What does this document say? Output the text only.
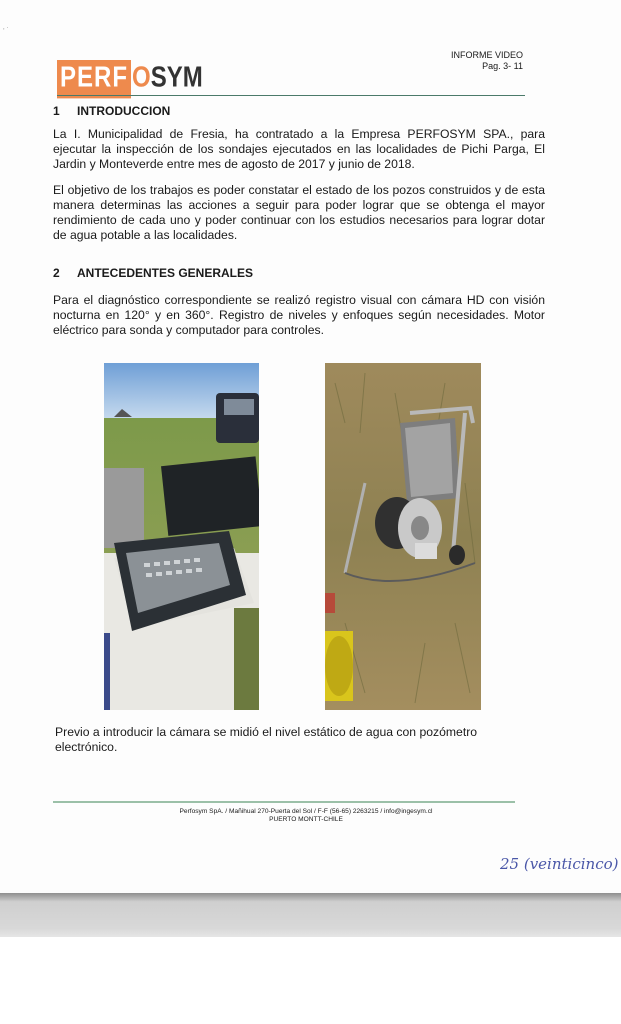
, ·
PERF OSYM
INFORME VIDEO
Pag. 3- 11
1 INTRODUCCION

La I. Municipalidad de Fresia, ha contratado a la Empresa PERFOSYM SPA., para ejecutar la inspección de los sondajes ejecutados en las localidades de Pichi Parga, El Jardin y Monteverde entre mes de agosto de 2017 y junio de 2018.

El objetivo de los trabajos es poder constatar el estado de los pozos construidos y de esta manera determinas las acciones a seguir para poder lograr que se obtenga el mayor rendimiento de cada uno y poder continuar con los estudios necesarios para lograr dotar de agua potable a las localidades.

2 ANTECEDENTES GENERALES

Para el diagnóstico correspondiente se realizó registro visual con cámara HD con visión nocturna en 120° y en 360°. Registro de niveles y enfoques según necesidades. Motor eléctrico para sonda y computador para controles.

Previo a introducir la cámara se midió el nivel estático de agua con pozómetro electrónico.

Perfosym SpA. / Mañihual 270-Puerta del Sol / F-F (56-65) 2263215 / info@ingesym.cl
PUERTO MONTT-CHILE
25 (veinticinco)
